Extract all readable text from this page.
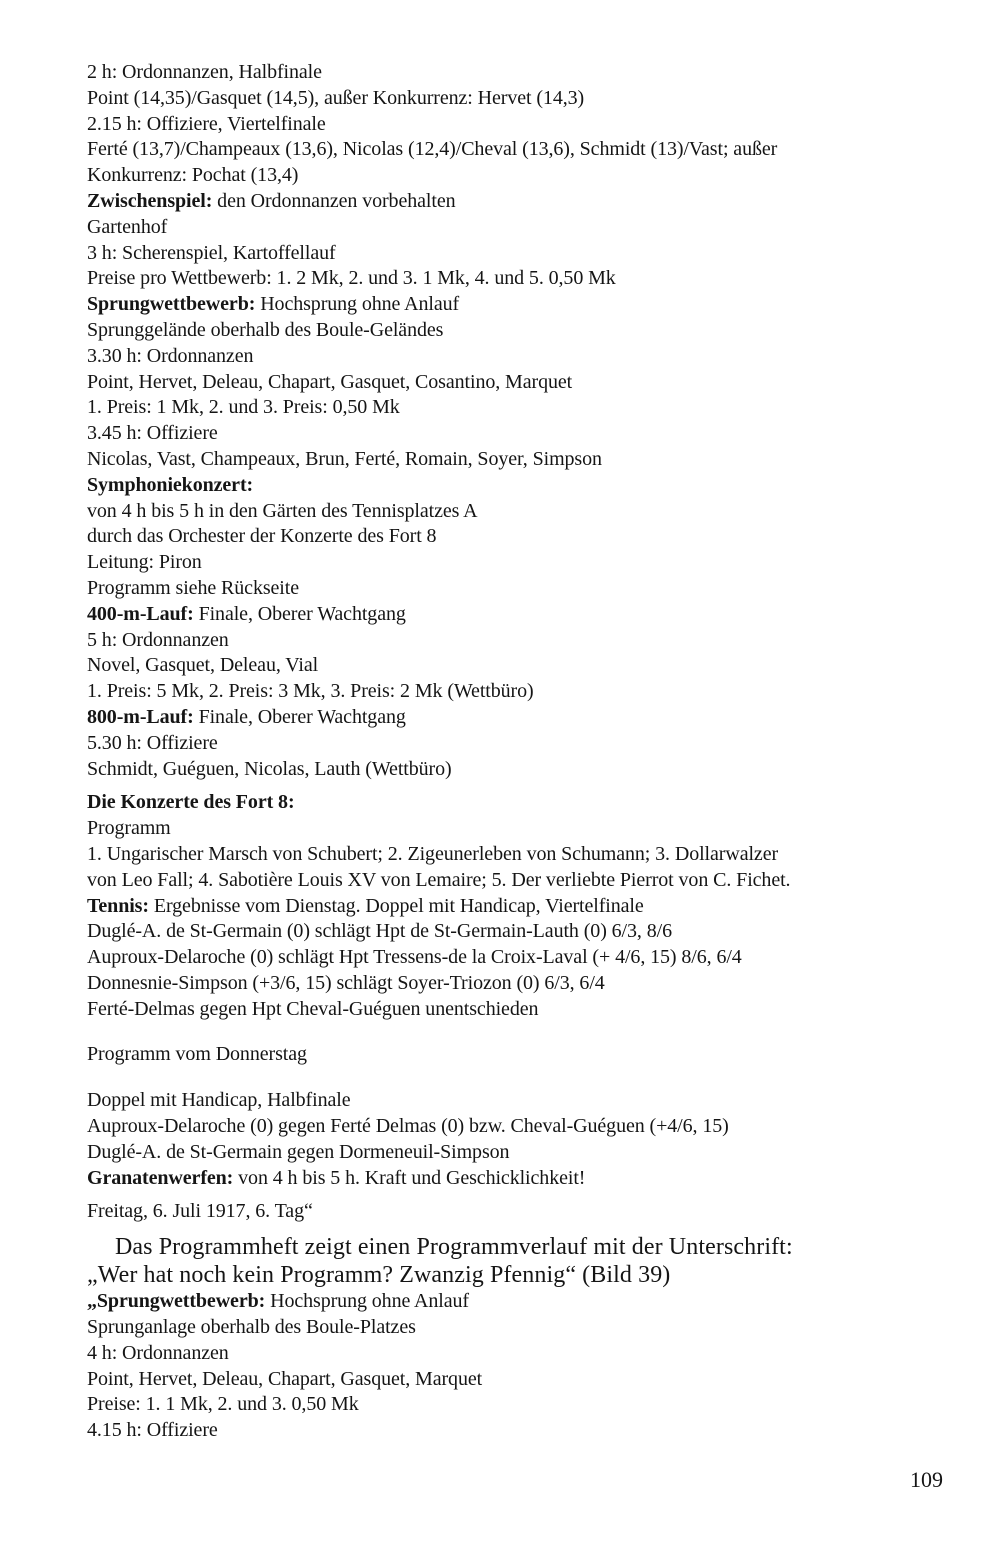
2 h: Ordonnanzen, Halbfinale
Point (14,35)/Gasquet (14,5), außer Konkurrenz: Hervet (14,3)
2.15 h: Offiziere, Viertelfinale
Ferté (13,7)/Champeaux (13,6), Nicolas (12,4)/Cheval (13,6), Schmidt (13)/Vast; außer
Konkurrenz: Pochat (13,4)
Zwischenspiel: den Ordonnanzen vorbehalten
Gartenhof
3 h: Scherenspiel, Kartoffellauf
Preise pro Wettbewerb: 1. 2 Mk, 2. und 3. 1 Mk, 4. und 5. 0,50 Mk
Sprungwettbewerb: Hochsprung ohne Anlauf
Sprunggelände oberhalb des Boule-Geländes
3.30 h: Ordonnanzen
Point, Hervet, Deleau, Chapart, Gasquet, Cosantino, Marquet
1. Preis: 1 Mk, 2. und 3. Preis: 0,50 Mk
3.45 h: Offiziere
Nicolas, Vast, Champeaux, Brun, Ferté, Romain, Soyer, Simpson
Symphoniekonzert:
von 4 h bis 5 h in den Gärten des Tennisplatzes A
durch das Orchester der Konzerte des Fort 8
Leitung: Piron
Programm siehe Rückseite
400-m-Lauf: Finale, Oberer Wachtgang
5 h: Ordonnanzen
Novel, Gasquet, Deleau, Vial
1. Preis: 5 Mk, 2. Preis: 3 Mk, 3. Preis: 2 Mk (Wettbüro)
800-m-Lauf: Finale, Oberer Wachtgang
5.30 h: Offiziere
Schmidt, Guéguen, Nicolas, Lauth (Wettbüro)
Die Konzerte des Fort 8:
Programm
1. Ungarischer Marsch von Schubert; 2. Zigeunerleben von Schumann; 3. Dollarwalzer
von Leo Fall; 4. Sabotière Louis XV von Lemaire; 5. Der verliebte Pierrot von C. Fichet.
Tennis: Ergebnisse vom Dienstag. Doppel mit Handicap, Viertelfinale
Duglé-A. de St-Germain (0) schlägt Hpt de St-Germain-Lauth (0) 6/3, 8/6
Auproux-Delaroche (0) schlägt Hpt Tressens-de la Croix-Laval (+ 4/6, 15) 8/6, 6/4
Donnesnie-Simpson (+3/6, 15) schlägt Soyer-Triozon (0) 6/3, 6/4
Ferté-Delmas gegen Hpt Cheval-Guéguen unentschieden
Programm vom Donnerstag
Doppel mit Handicap, Halbfinale
Auproux-Delaroche (0) gegen Ferté Delmas (0) bzw. Cheval-Guéguen (+4/6, 15)
Duglé-A. de St-Germain gegen Dormeneuil-Simpson
Granatenwerfen: von 4 h bis 5 h. Kraft und Geschicklichkeit!
Freitag, 6. Juli 1917, 6. Tag“
Das Programmheft zeigt einen Programmverlauf mit der Unterschrift:
„Wer hat noch kein Programm? Zwanzig Pfennig“ (Bild 39)
„Sprungwettbewerb: Hochsprung ohne Anlauf
Sprunganlage oberhalb des Boule-Platzes
4 h: Ordonnanzen
Point, Hervet, Deleau, Chapart, Gasquet, Marquet
Preise: 1. 1 Mk, 2. und 3. 0,50 Mk
4.15 h: Offiziere
109
